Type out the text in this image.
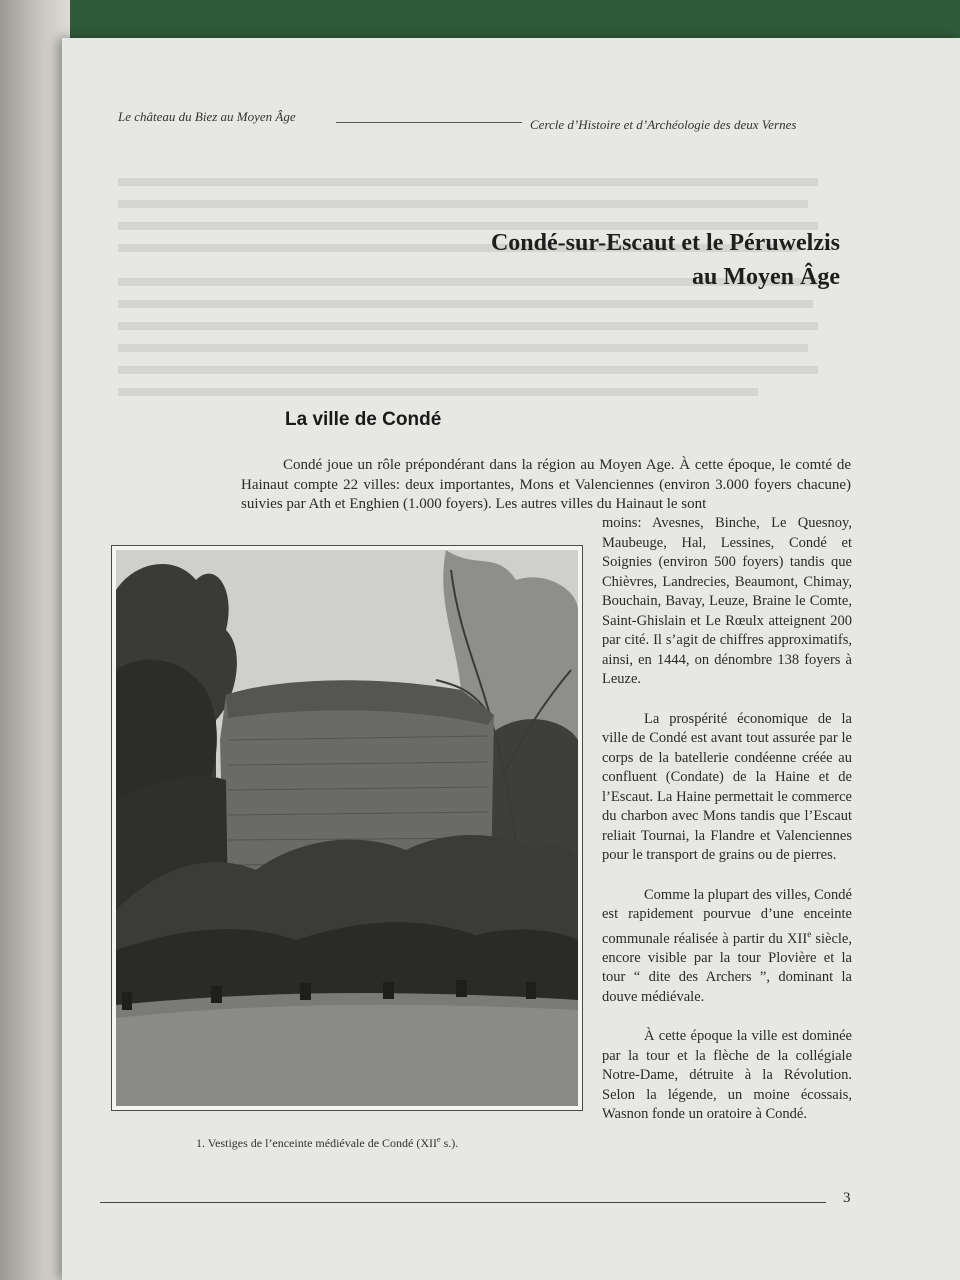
Le château du Biez au Moyen Âge
Cercle d’Histoire et d’Archéologie des deux Vernes
Condé-sur-Escaut et le Péruwelzis
au Moyen Âge
La ville de Condé
Condé joue un rôle prépondérant dans la région au Moyen Age. À cette époque, le comté de Hainaut compte 22 villes: deux importantes, Mons et Valenciennes (environ 3.000 foyers chacune) suivies par Ath et Enghien (1.000 foyers). Les autres villes du Hainaut le sont

moins: Avesnes, Binche, Le Quesnoy, Maubeuge, Hal, Lessines, Condé et Soignies (environ 500 foyers) tandis que Chièvres, Landrecies, Beaumont, Chimay, Bouchain, Bavay, Leuze, Braine le Comte, Saint-Ghislain et Le Rœulx atteignent 200 par cité. Il s’agit de chiffres approximatifs, ainsi, en 1444, on dénombre 138 foyers à Leuze.

La prospérité économique de la ville de Condé est avant tout assurée par le corps de la batellerie condéenne créée au confluent (Condate) de la Haine et de l’Escaut. La Haine permettait le commerce du charbon avec Mons tandis que l’Escaut reliait Tournai, la Flandre et Valenciennes pour le transport de grains ou de pierres.

Comme la plupart des villes, Condé est rapidement pourvue d’une enceinte communale réalisée à partir du XIIe siècle, encore visible par la tour Plovière et la tour “ dite des Archers ”, dominant la douve médiévale.

À cette époque la ville est dominée par la tour et la flèche de la collégiale Notre-Dame, détruite à la Révolution. Selon la légende, un moine écossais, Wasnon fonde un oratoire à Condé.

1. Vestiges de l’enceinte médiévale de Condé (XIIe s.).
3
